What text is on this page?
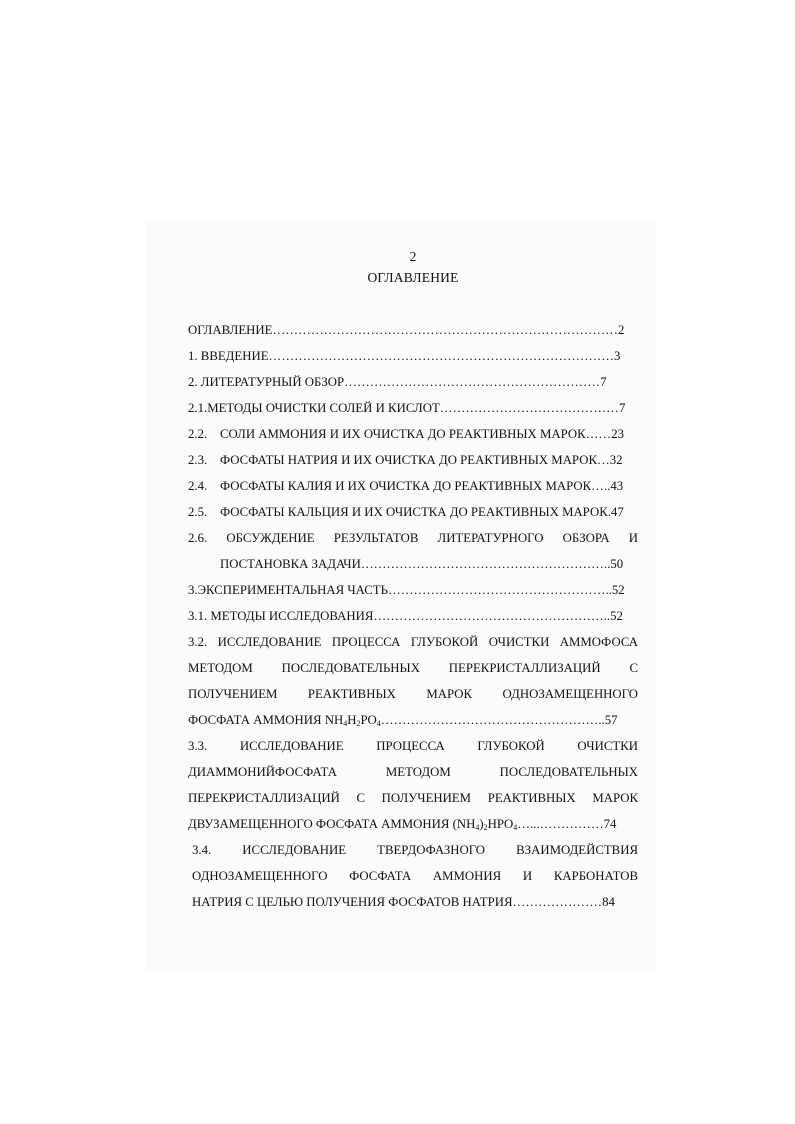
2
ОГЛАВЛЕНИЕ
ОГЛАВЛЕНИЕ………………………………………………………………………2
1. ВВЕДЕНИЕ………………………………………………………………………3
2. ЛИТЕРАТУРНЫЙ ОБЗОР……………………………………………………7
2.1.МЕТОДЫ ОЧИСТКИ СОЛЕЙ И КИСЛОТ……………………………………7
2.2. СОЛИ АММОНИЯ И ИХ ОЧИСТКА ДО РЕАКТИВНЫХ МАРОК……23
2.3. ФОСФАТЫ НАТРИЯ И ИХ ОЧИСТКА ДО РЕАКТИВНЫХ МАРОК…32
2.4. ФОСФАТЫ КАЛИЯ И ИХ ОЧИСТКА ДО РЕАКТИВНЫХ МАРОК…..43
2.5. ФОСФАТЫ КАЛЬЦИЯ И ИХ ОЧИСТКА ДО РЕАКТИВНЫХ МАРОК.47
2.6. ОБСУЖДЕНИЕ РЕЗУЛЬТАТОВ ЛИТЕРАТУРНОГО ОБЗОРА И
ПОСТАНОВКА ЗАДАЧИ…………………………………………………..50
3.ЭКСПЕРИМЕНТАЛЬНАЯ ЧАСТЬ……………………………………………..52
3.1. МЕТОДЫ ИССЛЕДОВАНИЯ………………………………………………..52
3.2. ИССЛЕДОВАНИЕ ПРОЦЕССА ГЛУБОКОЙ ОЧИСТКИ АММОФОСА
МЕТОДОМ ПОСЛЕДОВАТЕЛЬНЫХ ПЕРЕКРИСТАЛЛИЗАЦИЙ С
ПОЛУЧЕНИЕМ РЕАКТИВНЫХ МАРОК ОДНОЗАМЕЩЕННОГО
ФОСФАТА АММОНИЯ $NH_4H_2PO_4\dots\dots\dots\dots\dots\dots\dots\dots\dots\dots\dots\dots\dots\dots\dots\dots\dots..57$
3.3. ИССЛЕДОВАНИЕ ПРОЦЕССА ГЛУБОКОЙ ОЧИСТКИ
ДИАММОНИЙФОСФАТА МЕТОДОМ ПОСЛЕДОВАТЕЛЬНЫХ
ПЕРЕКРИСТАЛЛИЗАЦИЙ С ПОЛУЧЕНИЕМ РЕАКТИВНЫХ МАРОК
ДВУЗАМЕЩЕННОГО ФОСФАТА АММОНИЯ $(NH_4)_2HPO_4\dots...\dots\dots\dots\dots\dots 74$
3.4. ИССЛЕДОВАНИЕ ТВЕРДОФАЗНОГО ВЗАИМОДЕЙСТВИЯ
ОДНОЗАМЕЩЕННОГО ФОСФАТА АММОНИЯ И КАРБОНАТОВ
НАТРИЯ С ЦЕЛЬЮ ПОЛУЧЕНИЯ ФОСФАТОВ НАТРИЯ…………………84
